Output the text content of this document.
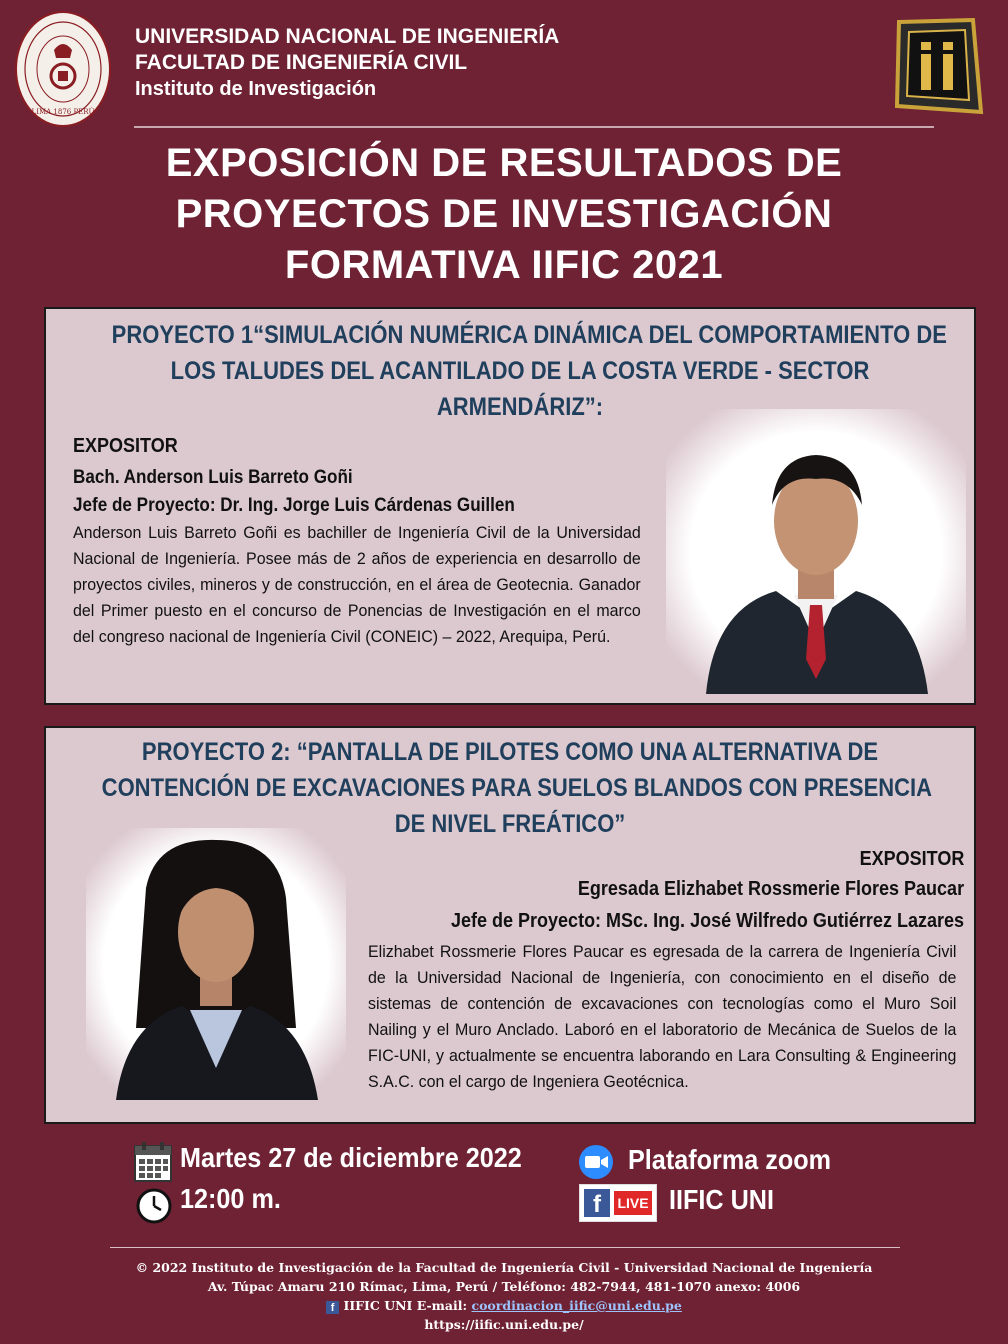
LIMA 1876 PERÚ
UNIVERSIDAD NACIONAL DE INGENIERÍA
FACULTAD DE INGENIERÍA CIVIL
Instituto de Investigación
EXPOSICIÓN DE RESULTADOS DE
PROYECTOS DE INVESTIGACIÓN
FORMATIVA IIFIC 2021
PROYECTO 1“SIMULACIÓN NUMÉRICA DINÁMICA DEL COMPORTAMIENTO DE
LOS TALUDES DEL ACANTILADO DE LA COSTA VERDE - SECTOR
ARMENDÁRIZ”:
EXPOSITOR
Bach. Anderson Luis Barreto Goñi
Jefe de Proyecto: Dr. Ing. Jorge Luis Cárdenas Guillen
Anderson Luis Barreto Goñi es bachiller de Ingeniería Civil de la Universidad Nacional de Ingeniería. Posee más de 2 años de experiencia en desarrollo de proyectos civiles, mineros y de construcción, en el área de Geotecnia. Ganador del Primer puesto en el concurso de Ponencias de Investigación en el marco del congreso nacional de Ingeniería Civil (CONEIC) – 2022, Arequipa, Perú.
PROYECTO 2: “PANTALLA DE PILOTES COMO UNA ALTERNATIVA DE
CONTENCIÓN DE EXCAVACIONES PARA SUELOS BLANDOS CON PRESENCIA
DE NIVEL FREÁTICO”
EXPOSITOR
Egresada Elizhabet Rossmerie Flores Paucar
Jefe de Proyecto: MSc. Ing. José Wilfredo Gutiérrez Lazares
Elizhabet Rossmerie Flores Paucar es egresada de la carrera de Ingeniería Civil de la Universidad Nacional de Ingeniería, con conocimiento en el diseño de sistemas de contención de excavaciones con tecnologías como el Muro Soil Nailing y el Muro Anclado. Laboró en el laboratorio de Mecánica de Suelos de la FIC-UNI, y actualmente se encuentra laborando en Lara Consulting & Engineering S.A.C. con el cargo de Ingeniera Geotécnica.
Martes 27 de diciembre 2022
12:00 m.
Plataforma zoom
f	LIVE IIFIC UNI
© 2022 Instituto de Investigación de la Facultad de Ingeniería Civil - Universidad Nacional de Ingeniería
Av. Túpac Amaru 210 Rímac, Lima, Perú / Teléfono: 482-7944, 481-1070 anexo: 4006
f IIFIC UNI E-mail: coordinacion_iific@uni.edu.pe
https://iific.uni.edu.pe/
